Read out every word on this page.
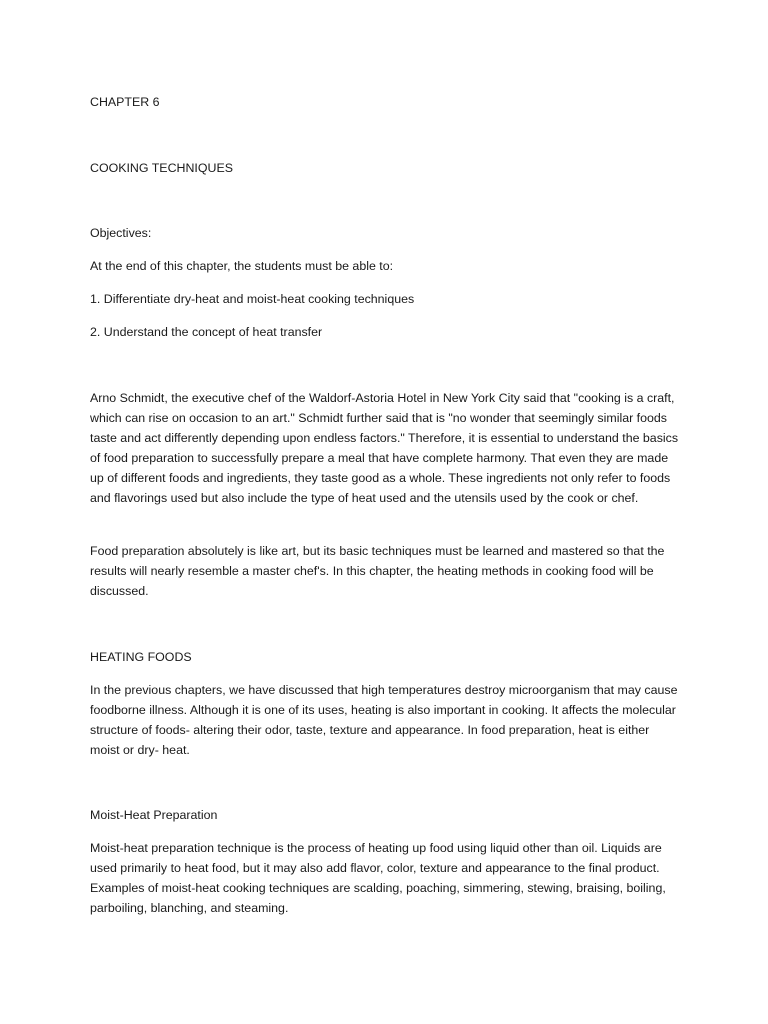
CHAPTER 6

COOKING TECHNIQUES

Objectives:

At the end of this chapter, the students must be able to:

1. Differentiate dry-heat and moist-heat cooking techniques

2. Understand the concept of heat transfer

Arno Schmidt, the executive chef of the Waldorf-Astoria Hotel in New York City said that "cooking is a craft, which can rise on occasion to an art." Schmidt further said that is "no wonder that seemingly similar foods taste and act differently depending upon endless factors." Therefore, it is essential to understand the basics of food preparation to successfully prepare a meal that have complete harmony. That even they are made up of different foods and ingredients, they taste good as a whole. These ingredients not only refer to foods and flavorings used but also include the type of heat used and the utensils used by the cook or chef.

Food preparation absolutely is like art, but its basic techniques must be learned and mastered so that the results will nearly resemble a master chef's. In this chapter, the heating methods in cooking food will be discussed.

HEATING FOODS

In the previous chapters, we have discussed that high temperatures destroy microorganism that may cause foodborne illness. Although it is one of its uses, heating is also important in cooking. It affects the molecular structure of foods- altering their odor, taste, texture and appearance. In food preparation, heat is either moist or dry- heat.

Moist-Heat Preparation

Moist-heat preparation technique is the process of heating up food using liquid other than oil. Liquids are used primarily to heat food, but it may also add flavor, color, texture and appearance to the final product. Examples of moist-heat cooking techniques are scalding, poaching, simmering, stewing, braising, boiling, parboiling, blanching, and steaming.
